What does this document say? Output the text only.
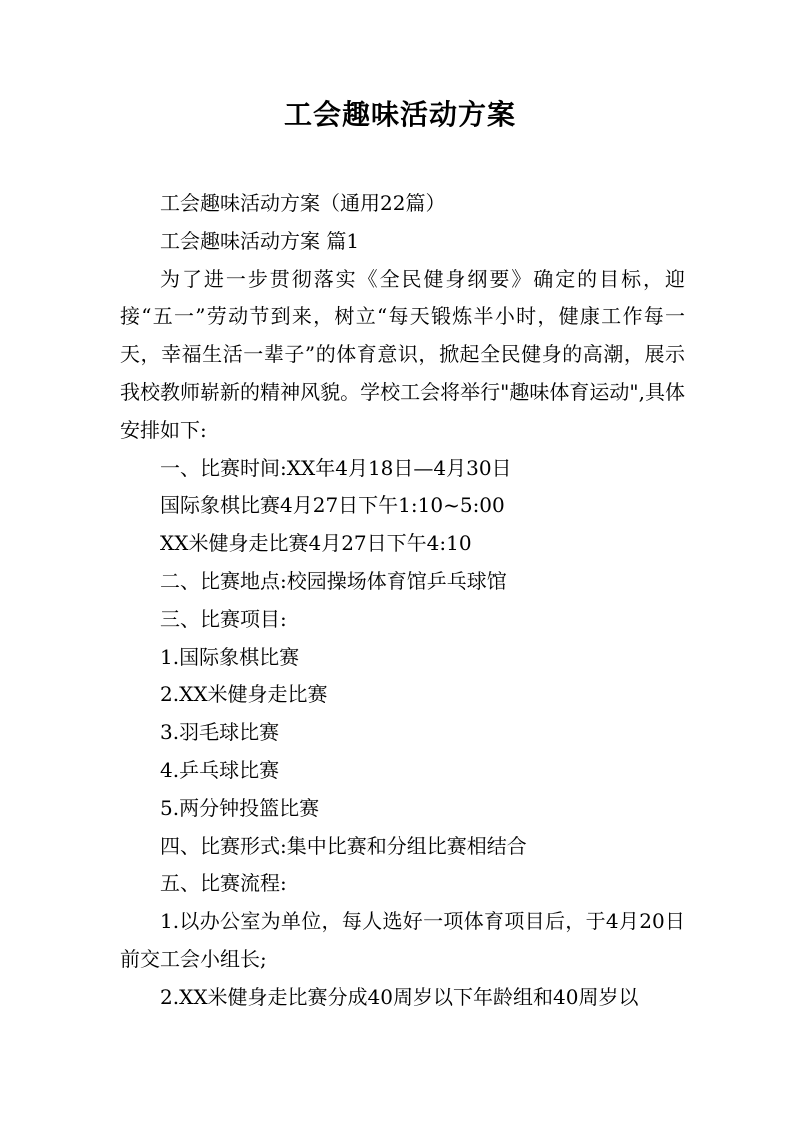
工会趣味活动方案

工会趣味活动方案（通用22篇）

工会趣味活动方案 篇1

为了进一步贯彻落实《全民健身纲要》确定的目标，迎接“五一”劳动节到来，树立“每天锻炼半小时，健康工作每一天，幸福生活一辈子”的体育意识，掀起全民健身的高潮，展示我校教师崭新的精神风貌。学校工会将举行"趣味体育运动",具体安排如下:

一、比赛时间:XX年4月18日—4月30日

国际象棋比赛4月27日下午1:10~5:00

XX米健身走比赛4月27日下午4:10

二、比赛地点:校园操场体育馆乒乓球馆

三、比赛项目:

1.国际象棋比赛

2.XX米健身走比赛

3.羽毛球比赛

4.乒乓球比赛

5.两分钟投篮比赛

四、比赛形式:集中比赛和分组比赛相结合

五、比赛流程:

1.以办公室为单位，每人选好一项体育项目后，于4月20日前交工会小组长;

2.XX米健身走比赛分成40周岁以下年龄组和40周岁以
